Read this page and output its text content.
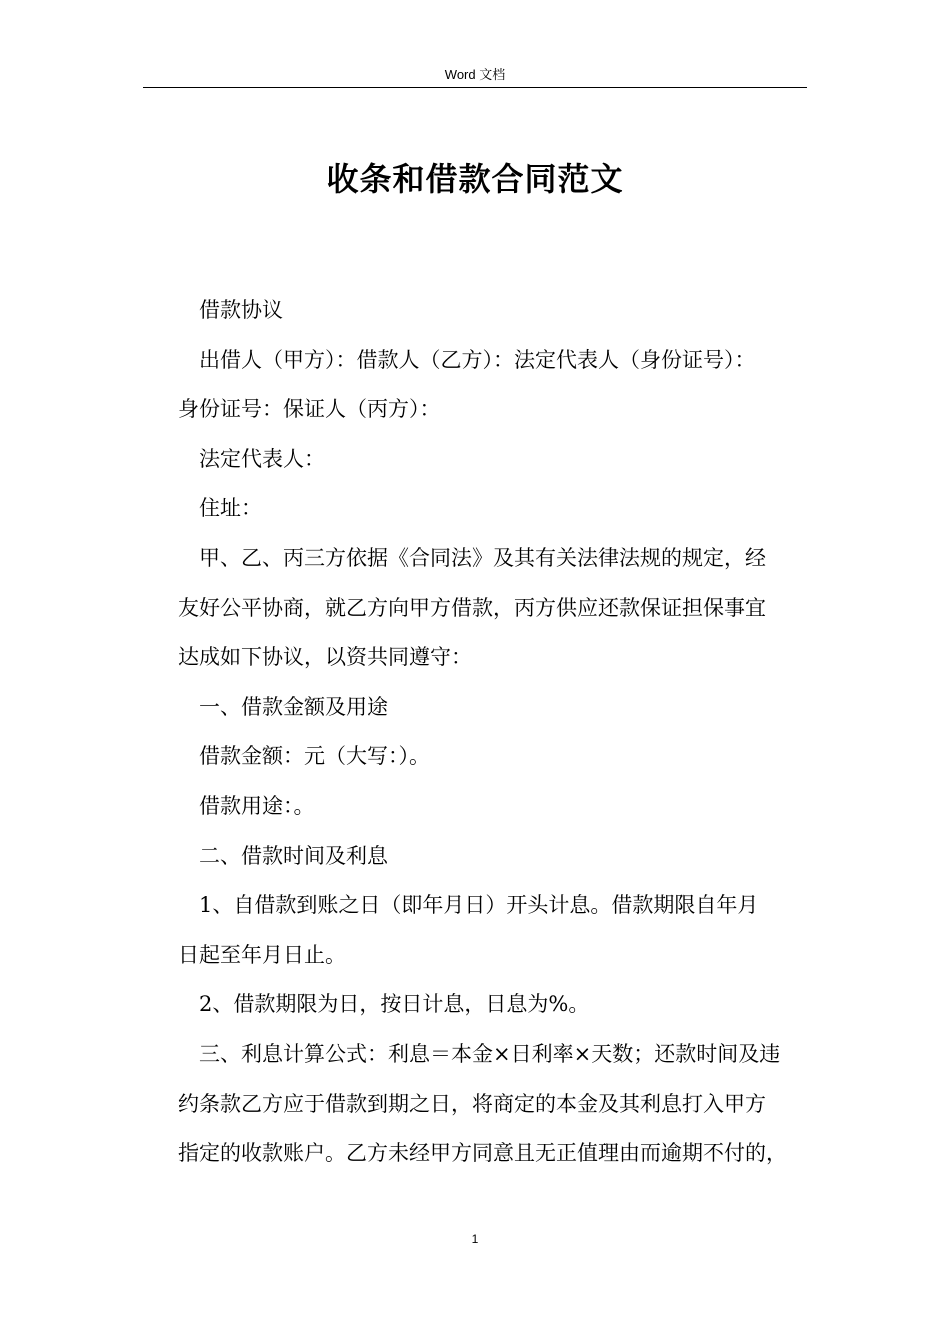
Word 文档
收条和借款合同范文

借款协议

出借人（甲方）：借款人（乙方）：法定代表人（身份证号）：

身份证号：保证人（丙方）：

法定代表人：

住址：

甲、乙、丙三方依据《合同法》及其有关法律法规的规定，经

友好公平协商，就乙方向甲方借款，丙方供应还款保证担保事宜

达成如下协议，以资共同遵守：

一、借款金额及用途

借款金额：元（大写：）。

借款用途：。

二、借款时间及利息

1、自借款到账之日（即年月日）开头计息。借款期限自年月

日起至年月日止。

2、借款期限为日，按日计息，日息为%。

三、利息计算公式：利息＝本金×日利率×天数；还款时间及违

约条款乙方应于借款到期之日，将商定的本金及其利息打入甲方

指定的收款账户。乙方未经甲方同意且无正值理由而逾期不付的，

1
